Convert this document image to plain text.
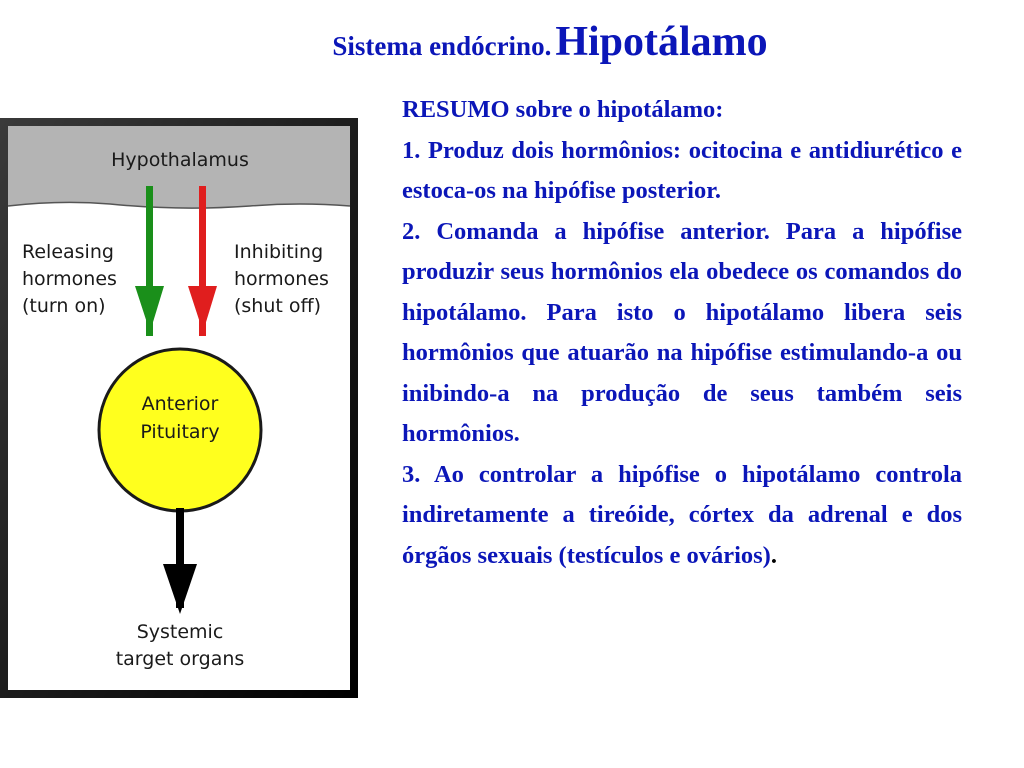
Sistema endócrino. Hipotálamo
Hypothalamus
Releasing
hormones
(turn on)
Inhibiting
hormones
(shut off)
Anterior
Pituitary
Systemic
target organs
RESUMO sobre o hipotálamo:

1. Produz dois hormônios: ocitocina e antidiurético e estoca-os na hipófise posterior.

2. Comanda a hipófise anterior. Para a hipófise produzir seus hormônios ela obedece os comandos do hipotálamo. Para isto o hipotálamo libera seis hormônios que atuarão na hipófise estimulando-a ou inibindo-a na produção de seus também seis hormônios.

3. Ao controlar a hipófise o hipotálamo controla indiretamente a tireóide, córtex da adrenal e dos órgãos sexuais (testículos e ovários) .
